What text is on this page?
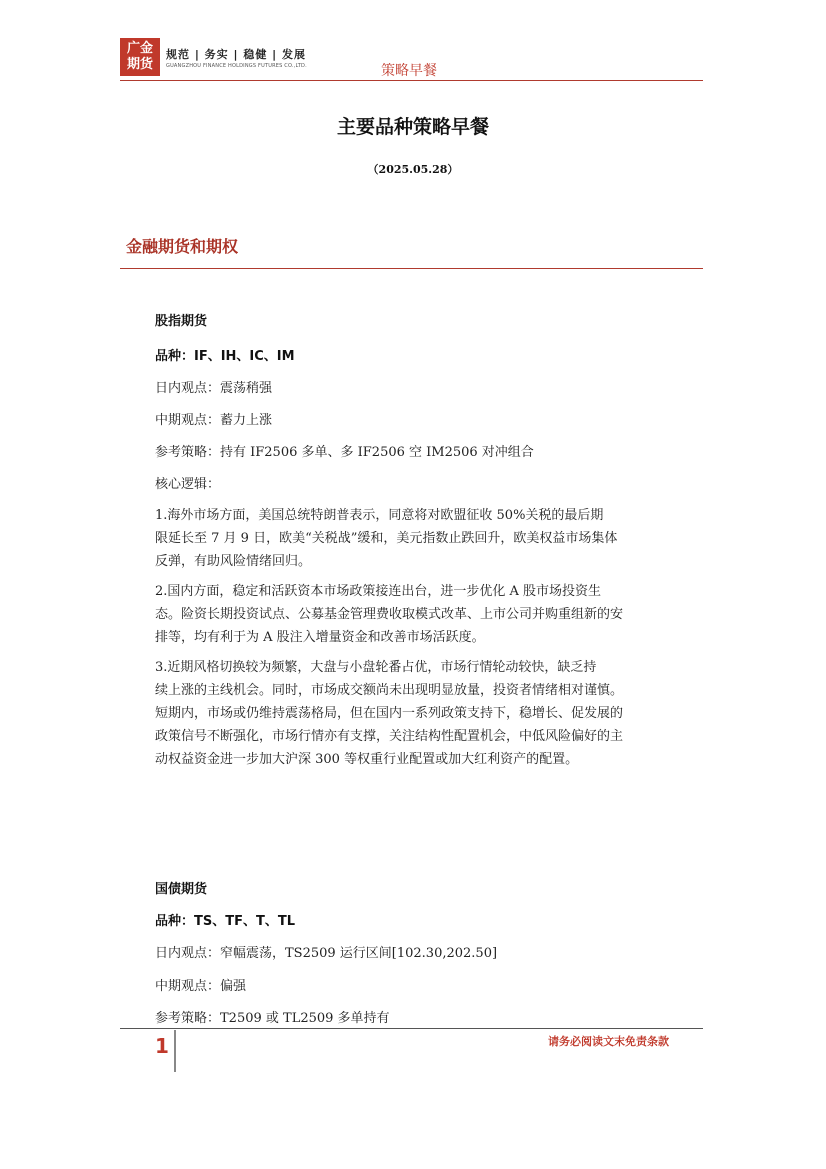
广金
期货
规范 | 务实 | 稳健 | 发展
GUANGZHOU FINANCE HOLDINGS FUTURES CO.,LTD.	策略早餐
主要品种策略早餐
（2025.05.28）
金融期货和期权
股指期货
品种：IF、IH、IC、IM
日内观点：震荡稍强
中期观点：蓄力上涨
参考策略：持有 IF2506 多单、多 IF2506 空 IM2506 对冲组合
核心逻辑：
1.海外市场方面，美国总统特朗普表示，同意将对欧盟征收 50%关税的最后期
限延长至 7 月 9 日，欧美“关税战”缓和，美元指数止跌回升，欧美权益市场集体
反弹，有助风险情绪回归。
2.国内方面，稳定和活跃资本市场政策接连出台，进一步优化 A 股市场投资生
态。险资长期投资试点、公募基金管理费收取模式改革、上市公司并购重组新的安
排等，均有利于为 A 股注入增量资金和改善市场活跃度。
3.近期风格切换较为频繁，大盘与小盘轮番占优，市场行情轮动较快，缺乏持
续上涨的主线机会。同时，市场成交额尚未出现明显放量，投资者情绪相对谨慎。
短期内，市场或仍维持震荡格局，但在国内一系列政策支持下，稳增长、促发展的
政策信号不断强化，市场行情亦有支撑，关注结构性配置机会，中低风险偏好的主
动权益资金进一步加大沪深 300 等权重行业配置或加大红利资产的配置。
国债期货
品种：TS、TF、T、TL
日内观点：窄幅震荡，TS2509 运行区间[102.30,202.50]
中期观点：偏强
参考策略：T2509 或 TL2509 多单持有
1	请务必阅读文末免责条款
